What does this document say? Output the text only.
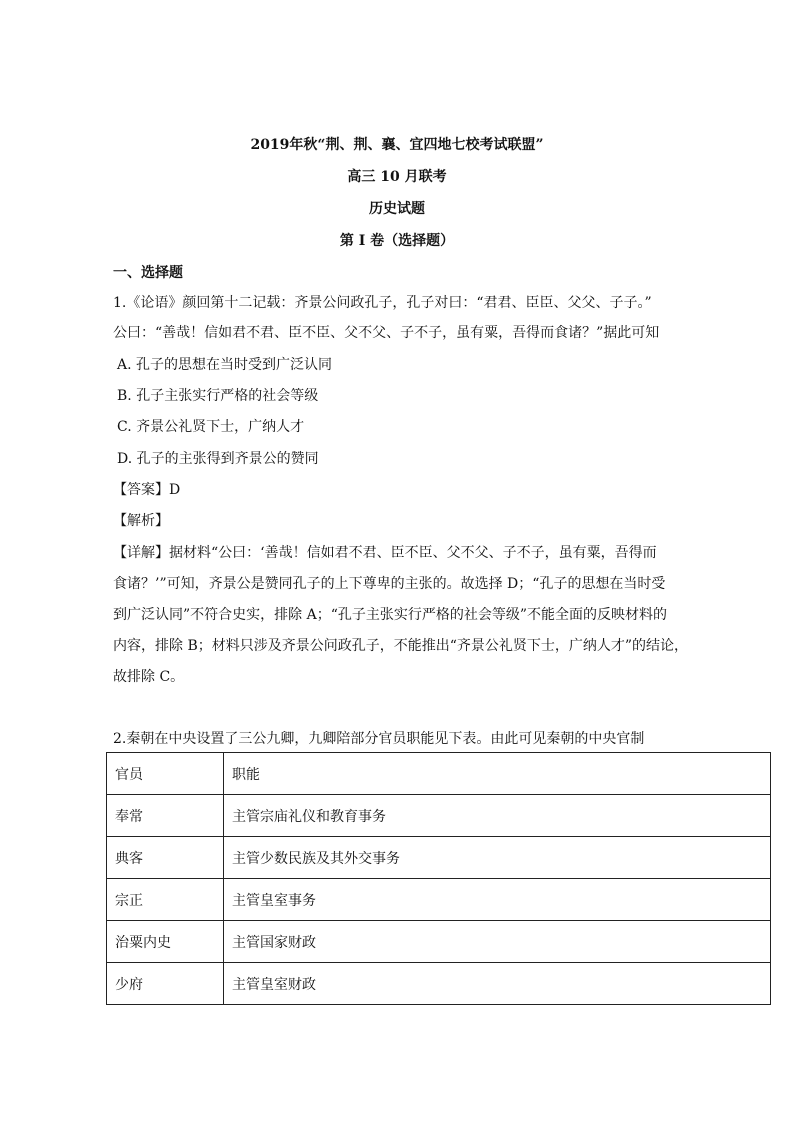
2019年秋“荆、荆、襄、宜四地七校考试联盟”
高三 10 月联考
历史试题
第 I 卷（选择题）
一、选择题
1.《论语》颜回第十二记载：齐景公问政孔子，孔子对曰：“君君、臣臣、父父、子子。”
公曰：“善哉！信如君不君、臣不臣、父不父、子不子，虽有粟，吾得而食诸？”据此可知
A. 孔子的思想在当时受到广泛认同
B. 孔子主张实行严格的社会等级
C. 齐景公礼贤下士，广纳人才
D. 孔子的主张得到齐景公的赞同
【答案】D
【解析】
【详解】据材料“公曰：‘善哉！信如君不君、臣不臣、父不父、子不子，虽有粟，吾得而
食诸？’”可知，齐景公是赞同孔子的上下尊卑的主张的。故选择 D；“孔子的思想在当时受
到广泛认同”不符合史实，排除 A；“孔子主张实行严格的社会等级”不能全面的反映材料的
内容，排除 B；材料只涉及齐景公问政孔子，不能推出“齐景公礼贤下士，广纳人才”的结论，
故排除 C。
2.秦朝在中央设置了三公九卿，九卿陪部分官员职能见下表。由此可见秦朝的中央官制
官员	职能
奉常	主管宗庙礼仪和教育事务
典客	主管少数民族及其外交事务
宗正	主管皇室事务
治粟内史	主管国家财政
少府	主管皇室财政
